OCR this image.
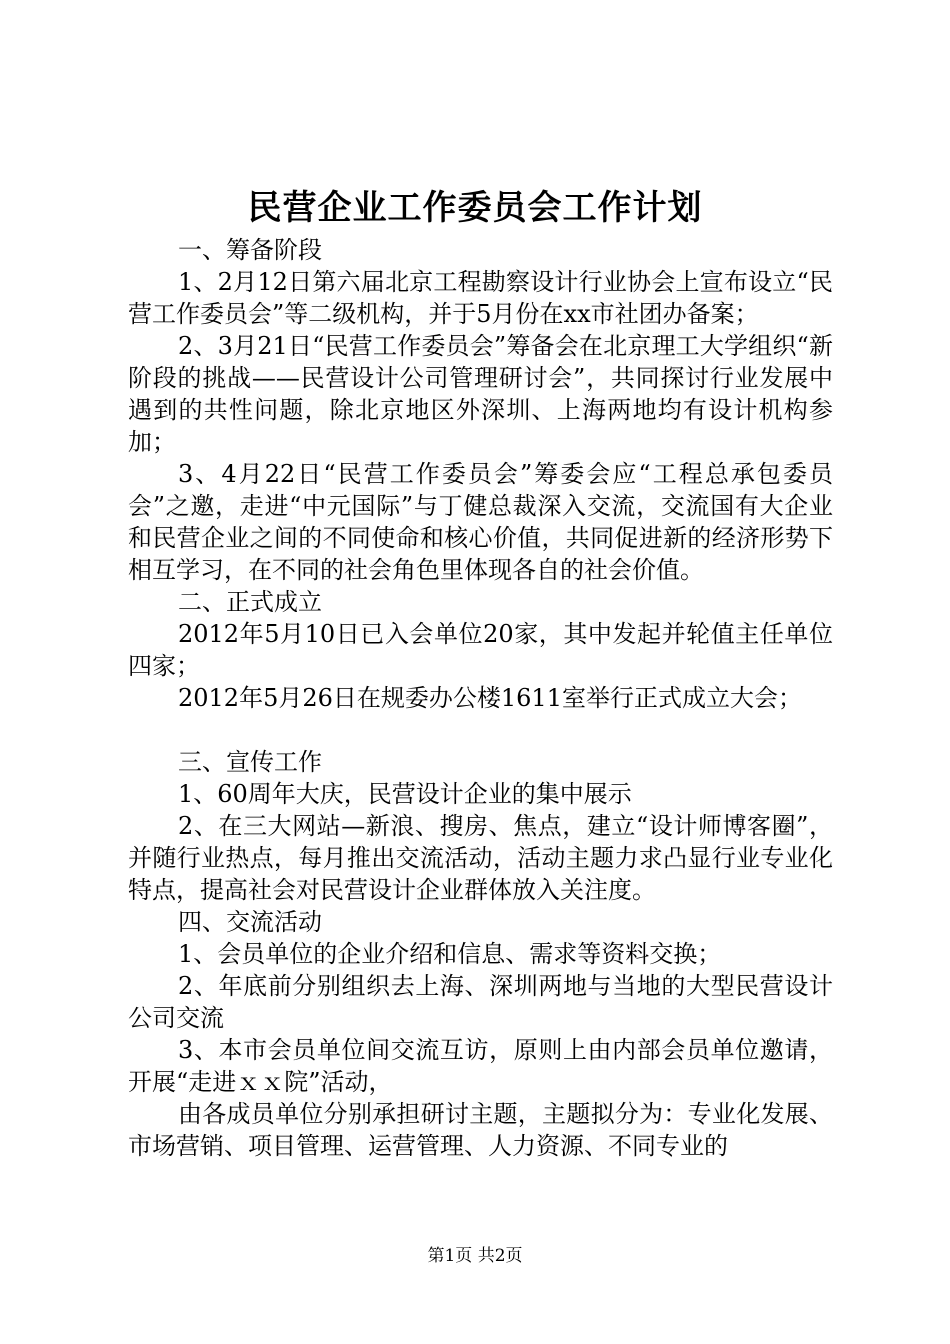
民营企业工作委员会工作计划

一、筹备阶段

1、2月12日第六届北京工程勘察设计行业协会上宣布设立“民营工作委员会”等二级机构，并于5月份在xx市社团办备案；

2、3月21日“民营工作委员会”筹备会在北京理工大学组织“新阶段的挑战——民营设计公司管理研讨会”，共同探讨行业发展中遇到的共性问题，除北京地区外深圳、上海两地均有设计机构参加；

3、4月22日“民营工作委员会”筹委会应“工程总承包委员会”之邀，走进“中元国际”与丁健总裁深入交流，交流国有大企业和民营企业之间的不同使命和核心价值，共同促进新的经济形势下相互学习，在不同的社会角色里体现各自的社会价值。

二、正式成立

2012年5月10日已入会单位20家，其中发起并轮值主任单位四家；

2012年5月26日在规委办公楼1611室举行正式成立大会；

三、宣传工作

1、60周年大庆，民营设计企业的集中展示

2、在三大网站—新浪、搜房、焦点，建立“设计师博客圈”，并随行业热点，每月推出交流活动，活动主题力求凸显行业专业化特点，提高社会对民营设计企业群体放入关注度。

四、交流活动

1、会员单位的企业介绍和信息、需求等资料交换；

2、年底前分别组织去上海、深圳两地与当地的大型民营设计公司交流

3、本市会员单位间交流互访，原则上由内部会员单位邀请，开展“走进ｘｘ院”活动，

由各成员单位分别承担研讨主题，主题拟分为：专业化发展、市场营销、项目管理、运营管理、人力资源、不同专业的

第1页 共2页
